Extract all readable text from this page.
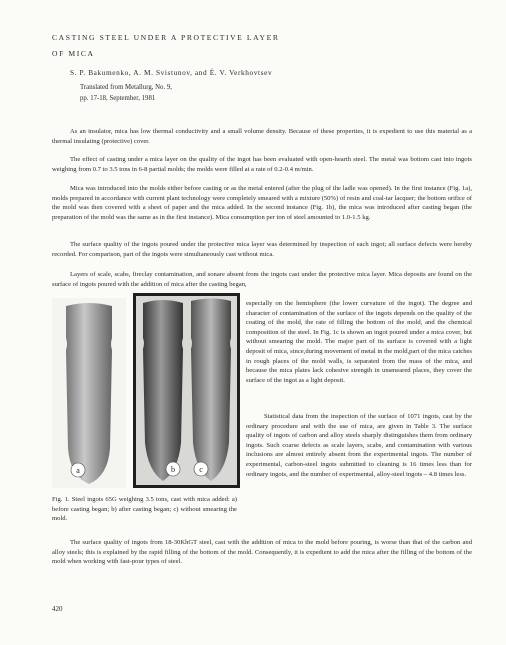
CASTING STEEL UNDER A PROTECTIVE LAYER
OF MICA
S. P. Bakumenko, A. M. Svistunov, and É. V. Verkhovtsev
Translated from Metallurg, No. 9,
pp. 17-18, September, 1981

As an insulator, mica has low thermal conductivity and a small volume density. Because of these properties, it is expedient to use this material as a thermal insulating (protective) cover.

The effect of casting under a mica layer on the quality of the ingot has been evaluated with open-hearth steel. The metal was bottom cast into ingots weighing from 0.7 to 3.5 tons in 6-8 partial molds; the molds were filled at a rate of 0.2-0.4 m/min.

Mica was introduced into the molds either before casting or as the metal entered (after the plug of the ladle was opened). In the first instance (Fig. 1a), molds prepared in accordance with current plant technology were completely smeared with a mixture (50%) of resin and coal-tar lacquer; the bottom orifice of the mold was then covered with a sheet of paper and the mica added. In the second instance (Fig. 1b), the mica was introduced after casting began (the preparation of the mold was the same as in the first instance). Mica consumption per ton of steel amounted to 1.0-1.5 kg.

The surface quality of the ingots poured under the protective mica layer was determined by inspection of each ingot; all surface defects were hereby recorded. For comparison, part of the ingots were simultaneously cast without mica.

Layers of scale, scabs, fireclay contamination, and sonare absent from the ingots cast under the protective mica layer. Mica deposits are found on the surface of ingots poured with the addition of mica after the casting began,

a	b	c

especially on the hemisphere (the lower curvature of the ingot). The degree and character of contamination of the surface of the ingots depends on the quality of the coating of the mold, the rate of filling the bottom of the mold, and the chemical composition of the steel. In Fig. 1c is shown an ingot poured under a mica cover, but without smearing the mold. The major part of its surface is covered with a light deposit of mica, since,during movement of metal in the mold,part of the mica catches in rough places of the mold walls, is separated from the mass of the mica, and because the mica plates lack cohesive strength in unsmeared places, they cover the surface of the ingot as a light deposit.

Statistical data from the inspection of the surface of 1071 ingots, cast by the ordinary procedure and with the use of mica, are given in Table 3. The surface quality of ingots of carbon and alloy steels sharply distinguishes them from ordinary ingots. Such coarse defects as scale layers, scabs, and contamination with various inclusions are almost entirely absent from the experimental ingots. The number of experimental, carbon-steel ingots submitted to cleaning is 16 times less than for ordinary ingots, and the number of experimental, alloy-steel ingots – 4.8 times less.

Fig. 1. Steel ingots 65G weighing 3.5 tons, cast with mica added: a) before casting began; b) after casting began; c) without smearing the mold.

The surface quality of ingots from 18-30KhGT steel, cast with the addition of mica to the mold before pouring, is worse than that of the carbon and alloy steels; this is explained by the rapid filling of the bottom of the mold. Consequently, it is expedient to add the mica after the filling of the bottom of the mold when working with fast-pour types of steel.

420
